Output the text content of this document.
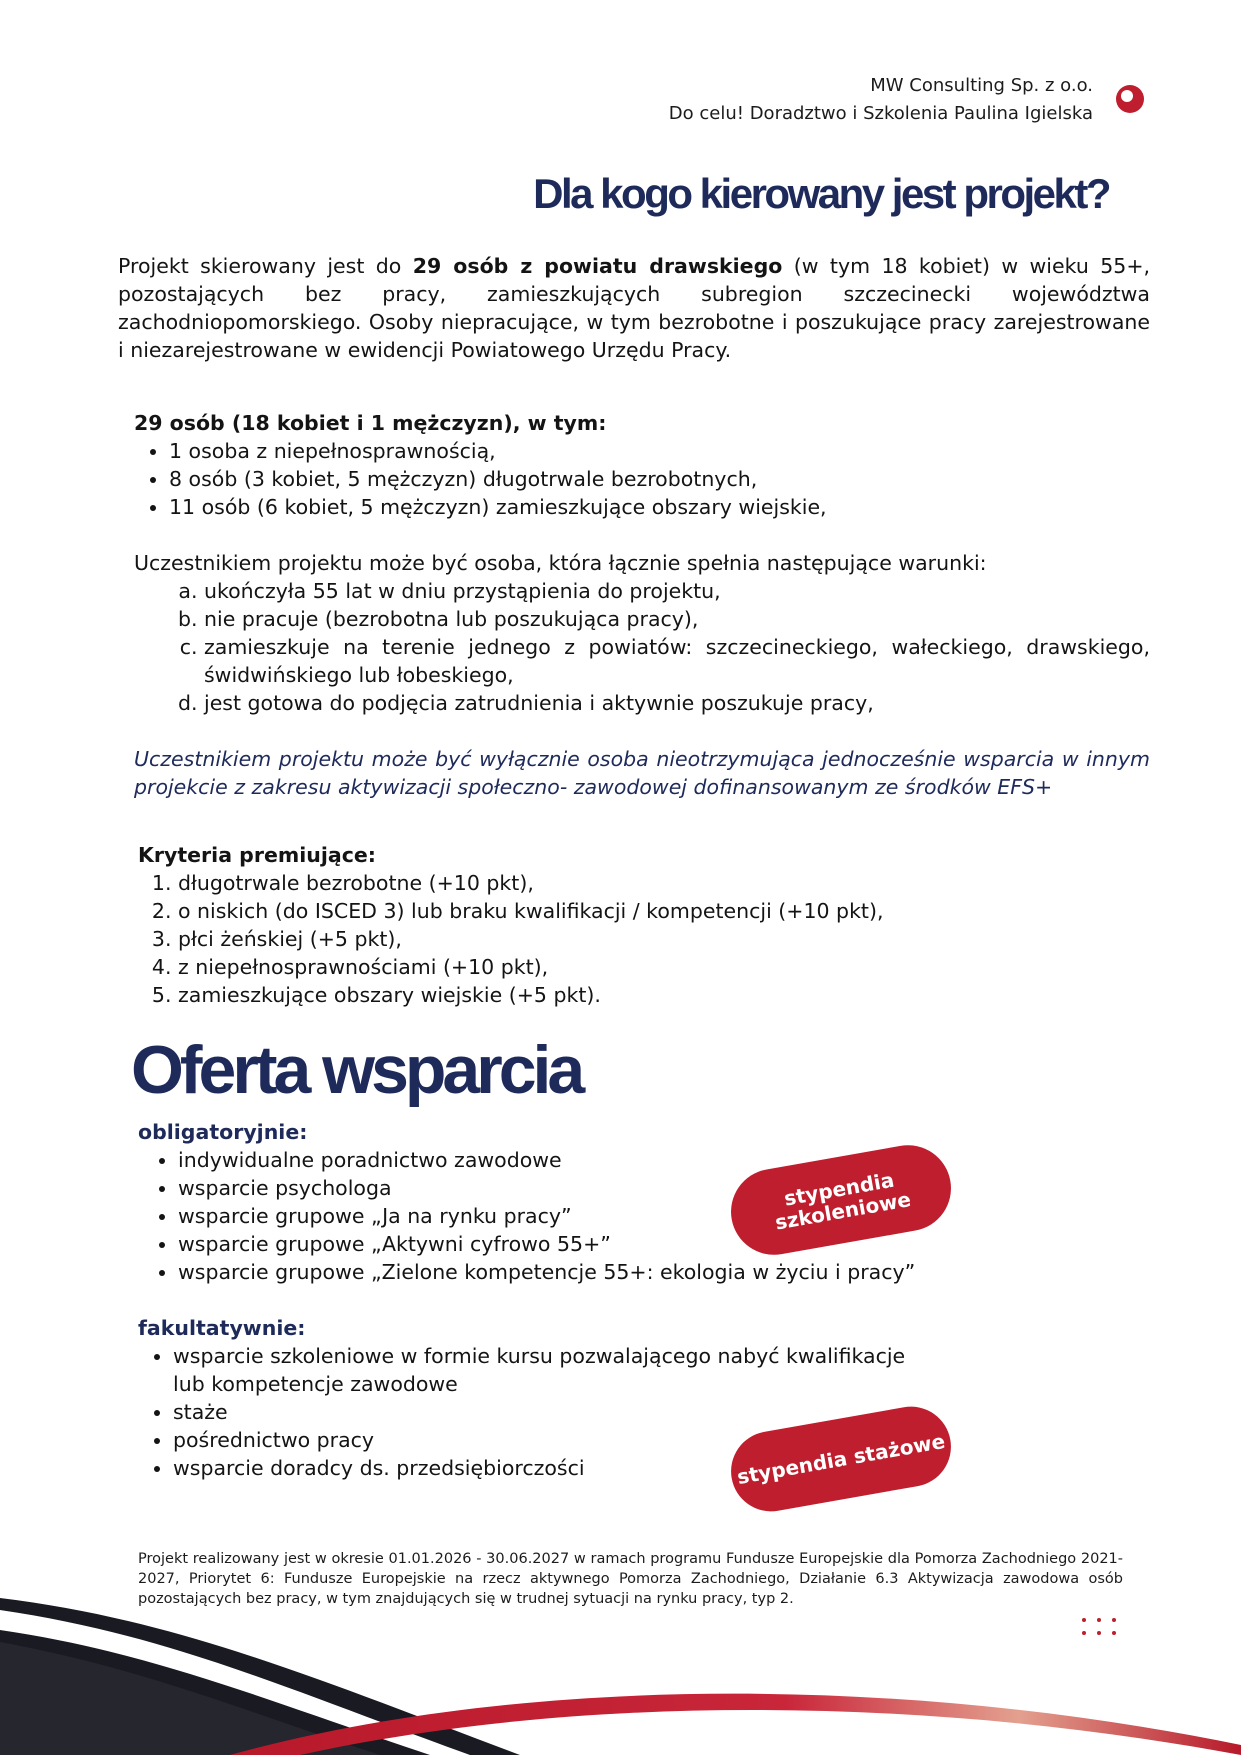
MW Consulting Sp. z o.o.
Do celu! Doradztwo i Szkolenia Paulina Igielska
Dla kogo kierowany jest projekt?
Projekt skierowany jest do 29 osób z powiatu drawskiego (w tym 18 kobiet) w wieku 55+, pozostających bez pracy, zamieszkujących subregion szczecinecki województwa zachodniopomorskiego. Osoby niepracujące, w tym bezrobotne i poszukujące pracy zarejestrowane i niezarejestrowane w ewidencji Powiatowego Urzędu Pracy.
29 osób (18 kobiet i 1 mężczyzn), w tym:
• 1 osoba z niepełnosprawnością,
• 8 osób (3 kobiet, 5 mężczyzn) długotrwale bezrobotnych,
• 11 osób (6 kobiet, 5 mężczyzn) zamieszkujące obszary wiejskie,
Uczestnikiem projektu może być osoba, która łącznie spełnia następujące warunki:
a. ukończyła 55 lat w dniu przystąpienia do projektu,
b. nie pracuje (bezrobotna lub poszukująca pracy),
c. zamieszkuje na terenie jednego z powiatów: szczecineckiego, wałeckiego, drawskiego, świdwińskiego lub łobeskiego,
d. jest gotowa do podjęcia zatrudnienia i aktywnie poszukuje pracy,
Uczestnikiem projektu może być wyłącznie osoba nieotrzymująca jednocześnie wsparcia w innym projekcie z zakresu aktywizacji społeczno- zawodowej dofinansowanym ze środków EFS+
Kryteria premiujące:
1. długotrwale bezrobotne (+10 pkt),
2. o niskich (do ISCED 3) lub braku kwalifikacji / kompetencji (+10 pkt),
3. płci żeńskiej (+5 pkt),
4. z niepełnosprawnościami (+10 pkt),
5. zamieszkujące obszary wiejskie (+5 pkt).
Oferta wsparcia
obligatoryjnie:
• indywidualne poradnictwo zawodowe
• wsparcie psychologa
• wsparcie grupowe „Ja na rynku pracy”
• wsparcie grupowe „Aktywni cyfrowo 55+”
• wsparcie grupowe „Zielone kompetencje 55+: ekologia w życiu i pracy”
stypendia szkoleniowe
fakultatywnie:
• wsparcie szkoleniowe w formie kursu pozwalającego nabyć kwalifikacje lub kompetencje zawodowe
• staże
• pośrednictwo pracy
• wsparcie doradcy ds. przedsiębiorczości	stypendia stażowe
Projekt realizowany jest w okresie 01.01.2026 - 30.06.2027 w ramach programu Fundusze Europejskie dla Pomorza Zachodniego 2021-2027, Priorytet 6: Fundusze Europejskie na rzecz aktywnego Pomorza Zachodniego, Działanie 6.3 Aktywizacja zawodowa osób pozostających bez pracy, w tym znajdujących się w trudnej sytuacji na rynku pracy, typ 2.
